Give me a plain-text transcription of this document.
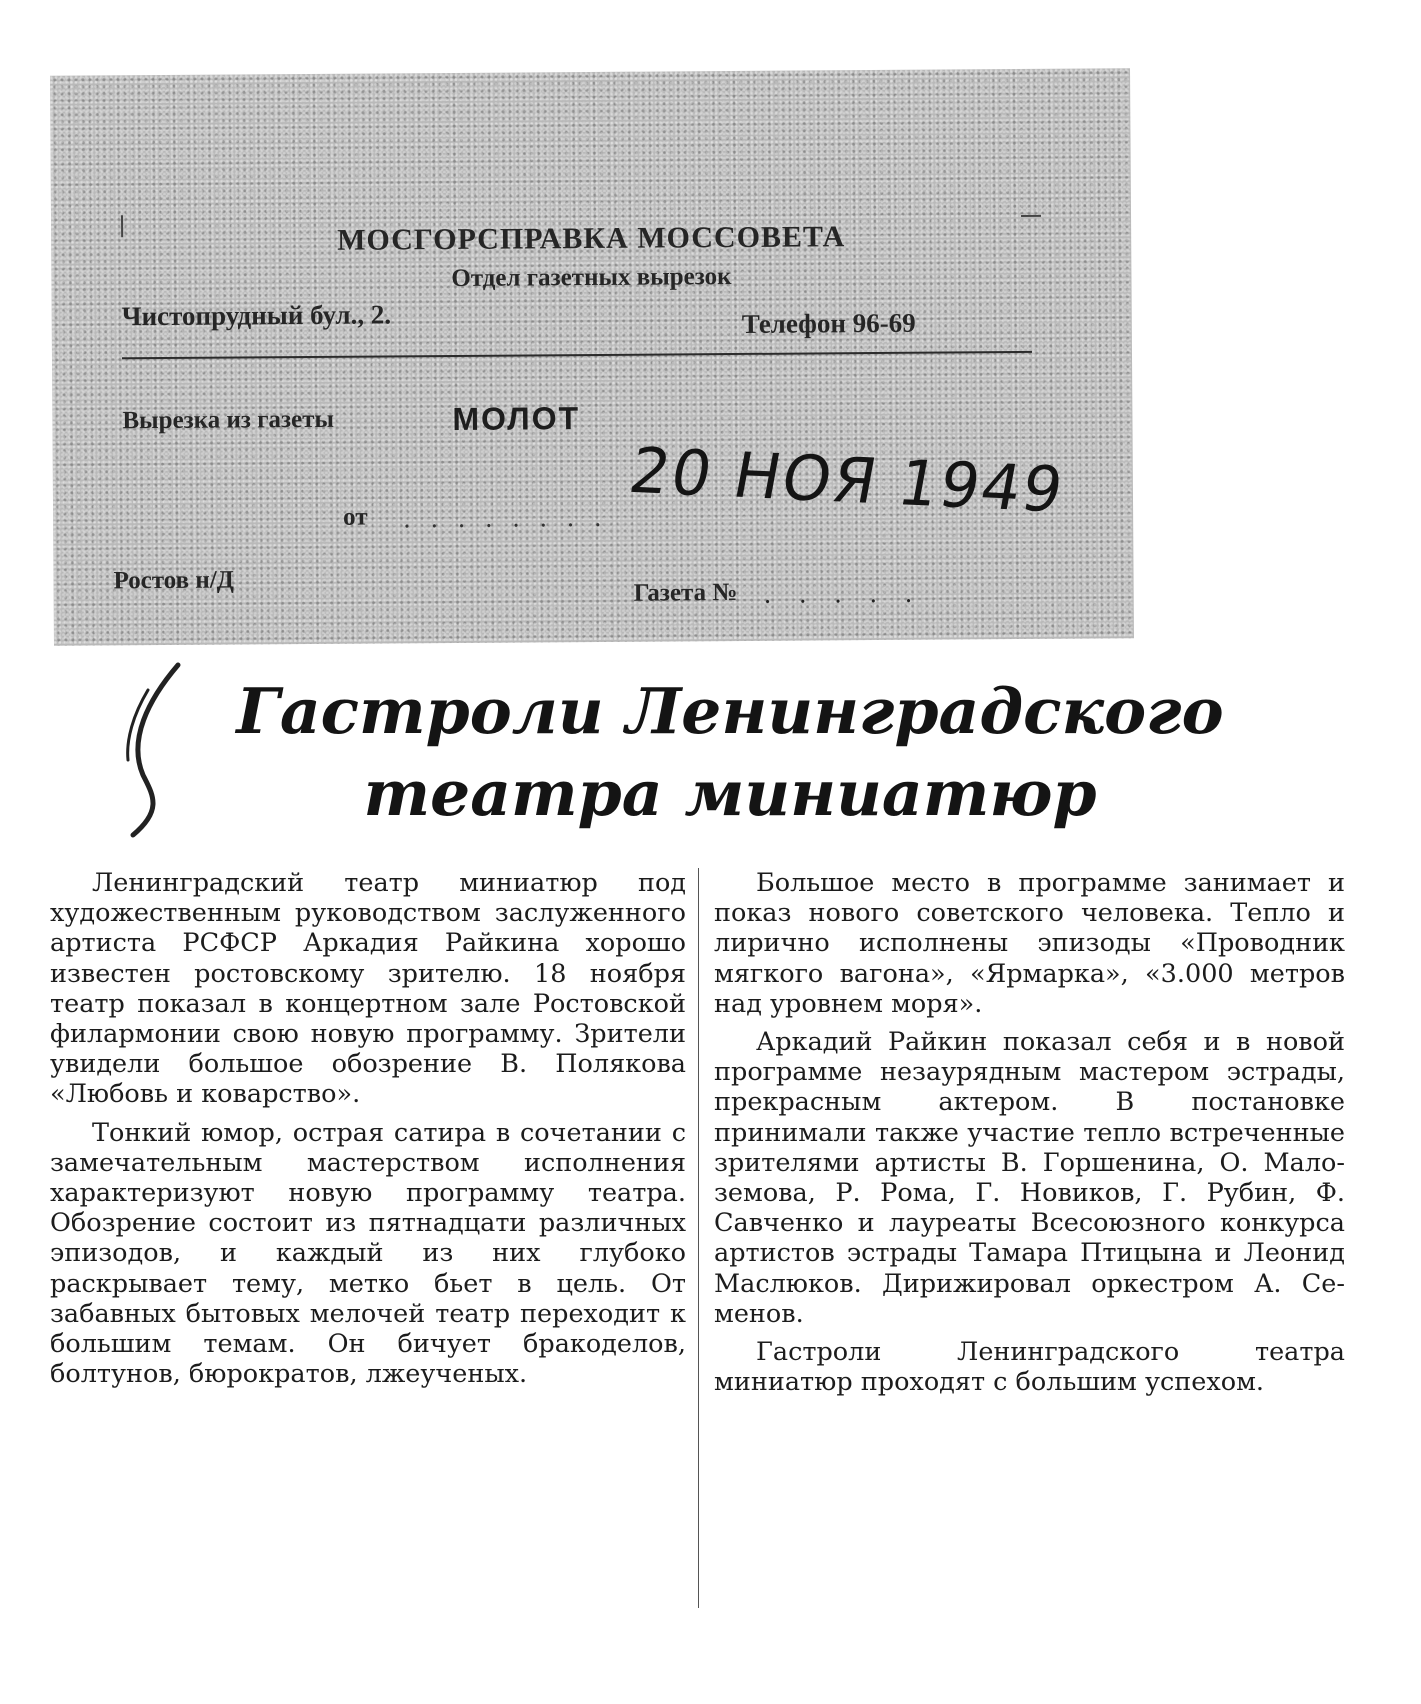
МОСГОРСПРАВКА МОССОВЕТА
Отдел газетных вырезок
Чистопрудный бул., 2.	Телефон 96-69
Вырезка из газеты	МОЛОТ
от . . . . . . . . 20 НОЯ 1949
Ростов н/Д	Газета № . . . . .
Гастроли Ленинградского
театра миниатюр

Ленинградский театр миниатюр под художественным руководством заслуженного артиста РСФСР Аркадия Райкина хорошо известен ростовскому зрителю. 18 ноября театр показал в концертном зале Ростовской филармонии свою новую программу. Зрители увидели большое обозрение В. Полякова «Любовь и коварство».

Тонкий юмор, острая сатира в сочетании с замечательным мастерством исполнения характеризуют новую программу театра. Обозрение состоит из пятнадцати различных эпизодов, и каждый из них глубоко раскрывает тему, метко бьет в цель. От забавных бытовых мелочей театр переходит к большим темам. Он бичует бракоделов, болтунов, бюрократов, лжеученых.

Большое место в программе занимает и показ нового советского человека. Тепло и лирично исполнены эпизоды «Проводник мягкого вагона», «Ярмарка», «3.000 метров над уровнем моря».

Аркадий Райкин показал себя и в новой программе незаурядным мастером эстрады, прекрасным актером. В постановке принимали также участие тепло встреченные зрителями артисты В. Горшенина, О. Малоземова, Р. Рома, Г. Новиков, Г. Рубин, Ф. Савченко и лауреаты Всесоюзного конкурса артистов эстрады Тамара Птицына и Леонид Маслюков. Дирижировал оркестром А. Семенов.

Гастроли Ленинградского театра миниатюр проходят с большим успехом.
